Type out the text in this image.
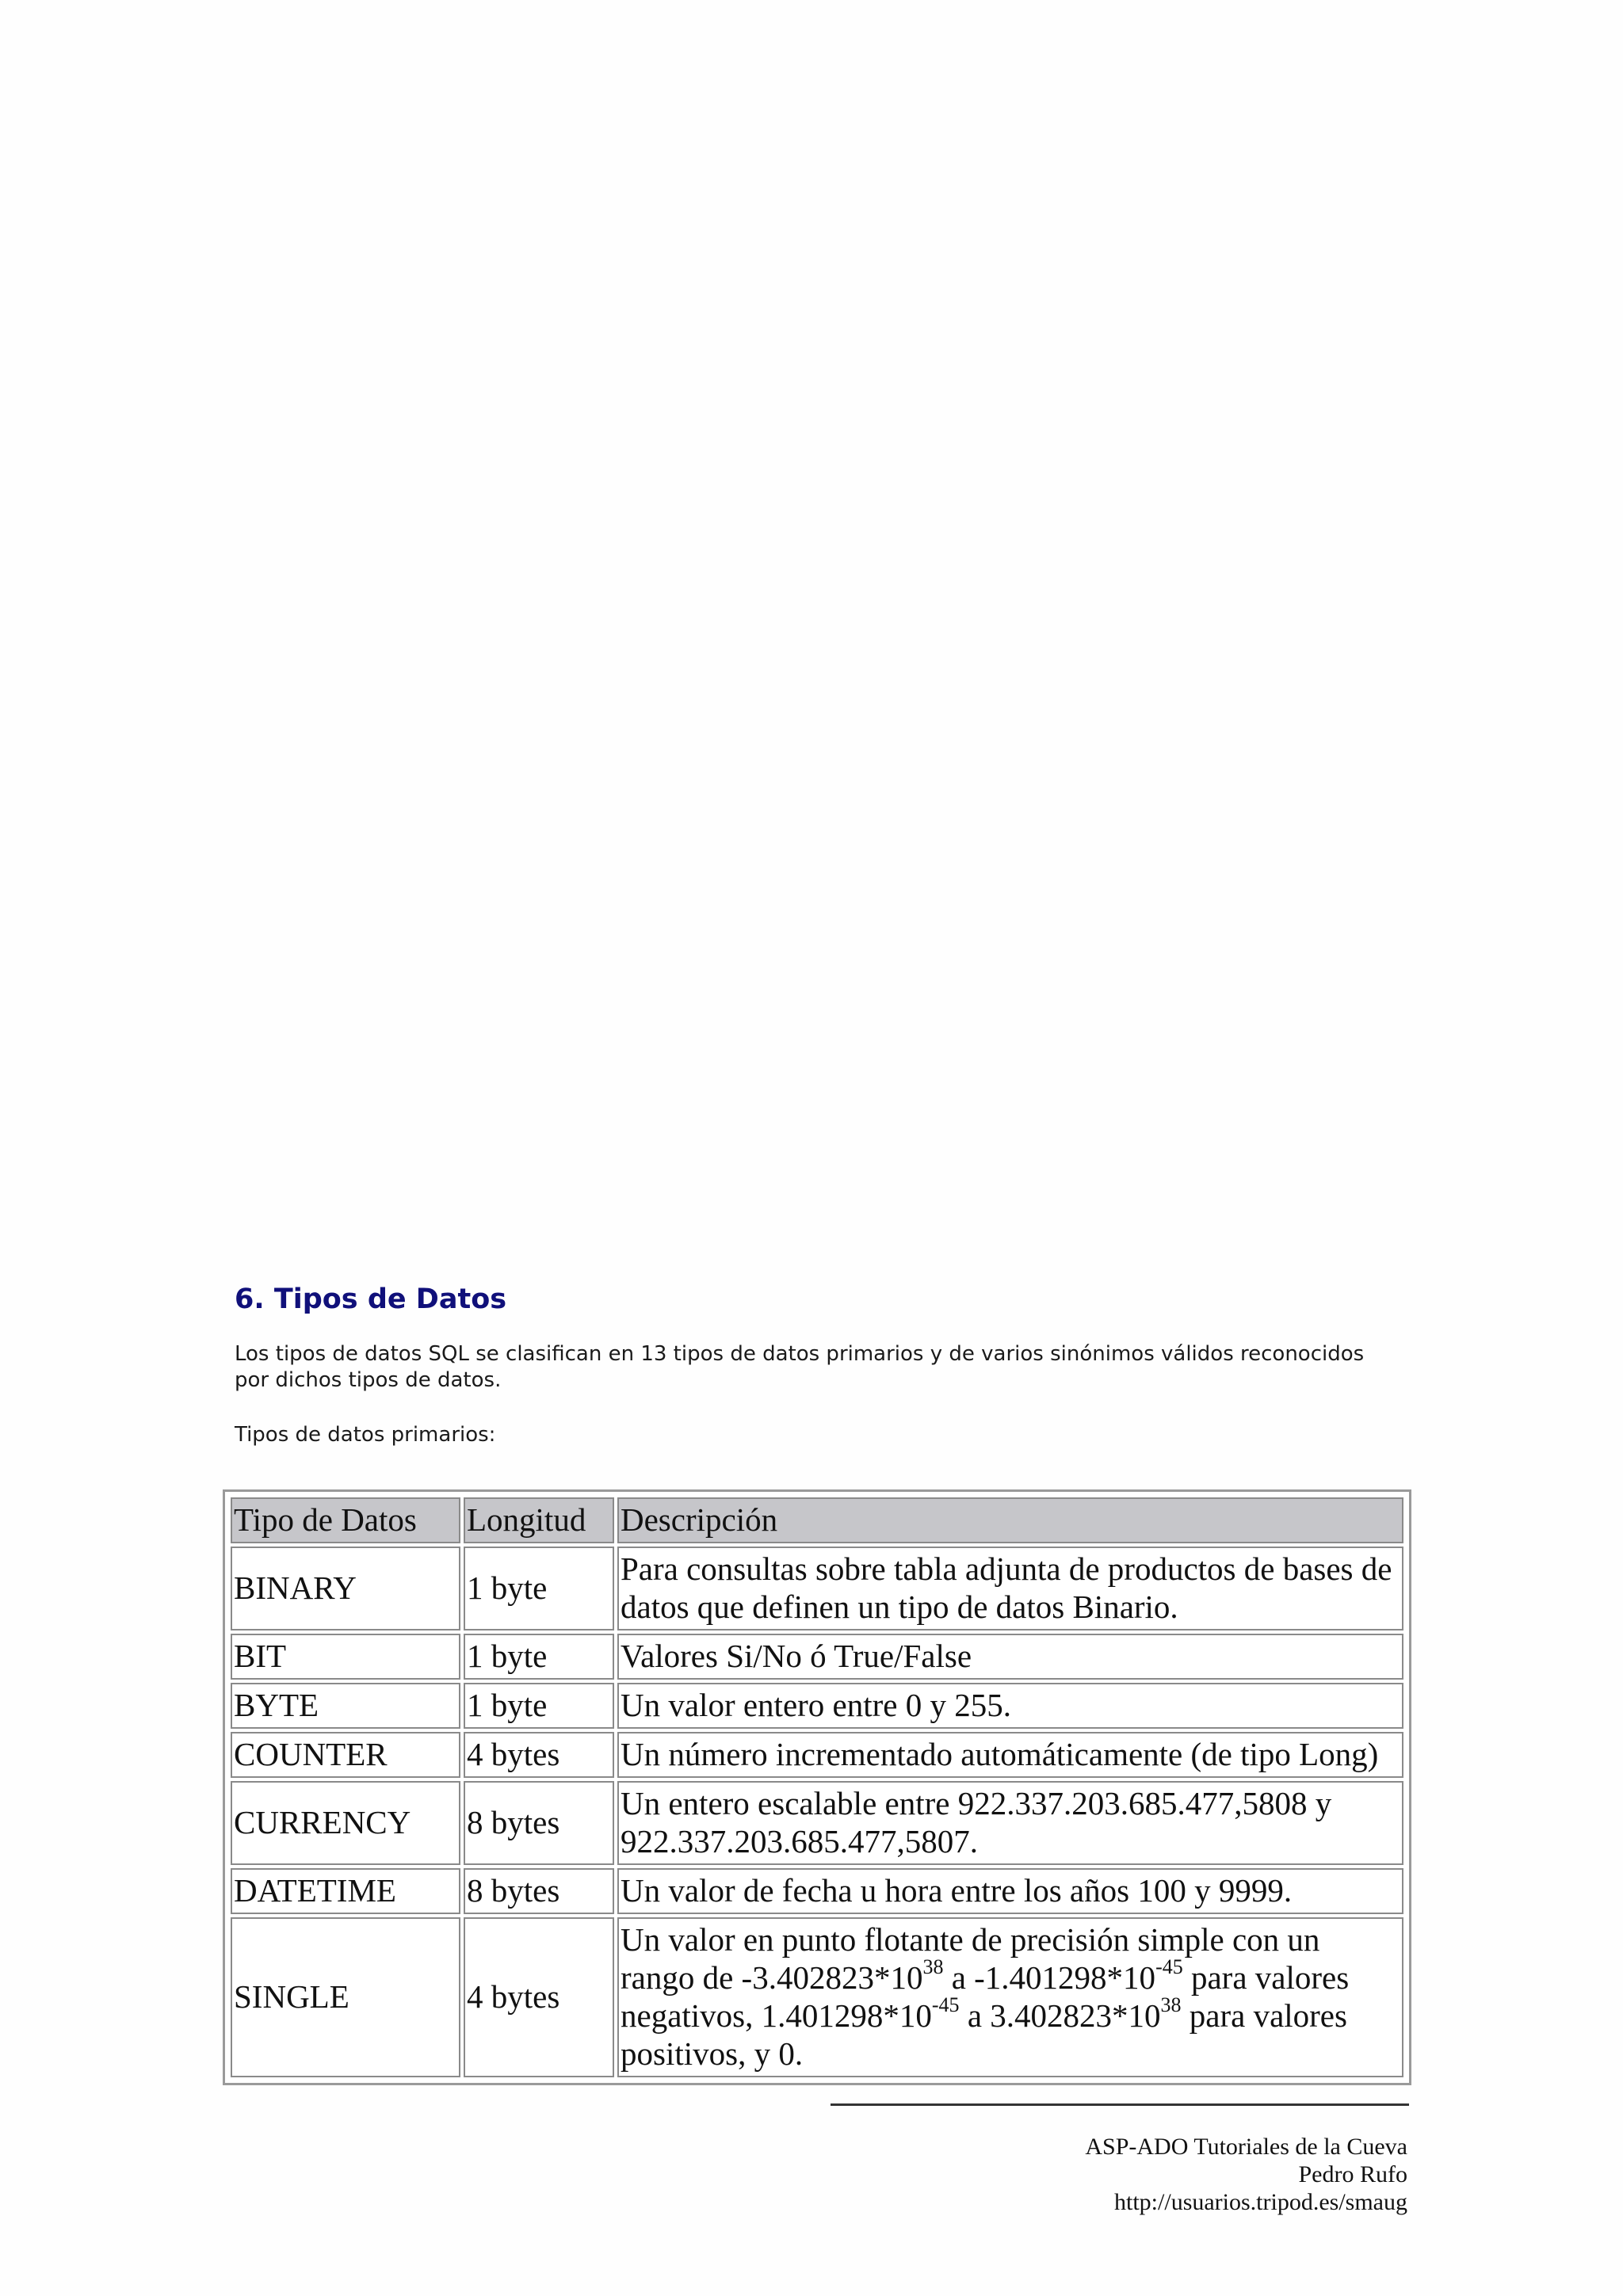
6. Tipos de Datos

Los tipos de datos SQL se clasifican en 13 tipos de datos primarios y de varios sinónimos válidos reconocidos por dichos tipos de datos.

Tipos de datos primarios:

Tipo de Datos	Longitud	Descripción
BINARY	1 byte	Para consultas sobre tabla adjunta de productos de bases de datos que definen un tipo de datos Binario.
BIT	1 byte	Valores Si/No ó True/False
BYTE	1 byte	Un valor entero entre 0 y 255.
COUNTER	4 bytes	Un número incrementado automáticamente (de tipo Long)
CURRENCY	8 bytes	Un entero escalable entre 922.337.203.685.477,5808 y 922.337.203.685.477,5807.
DATETIME	8 bytes	Un valor de fecha u hora entre los años 100 y 9999.
SINGLE	4 bytes	Un valor en punto flotante de precisión simple con un rango de $-3.402823*10^{38}$ a $-1.401298*10^{-45}$ para valores negativos, $1.401298*10^{-45}$ a $3.402823*10^{38}$ para valores positivos, y 0.

ASP-ADO Tutoriales de la Cueva

Pedro Rufo

http://usuarios.tripod.es/smaug
